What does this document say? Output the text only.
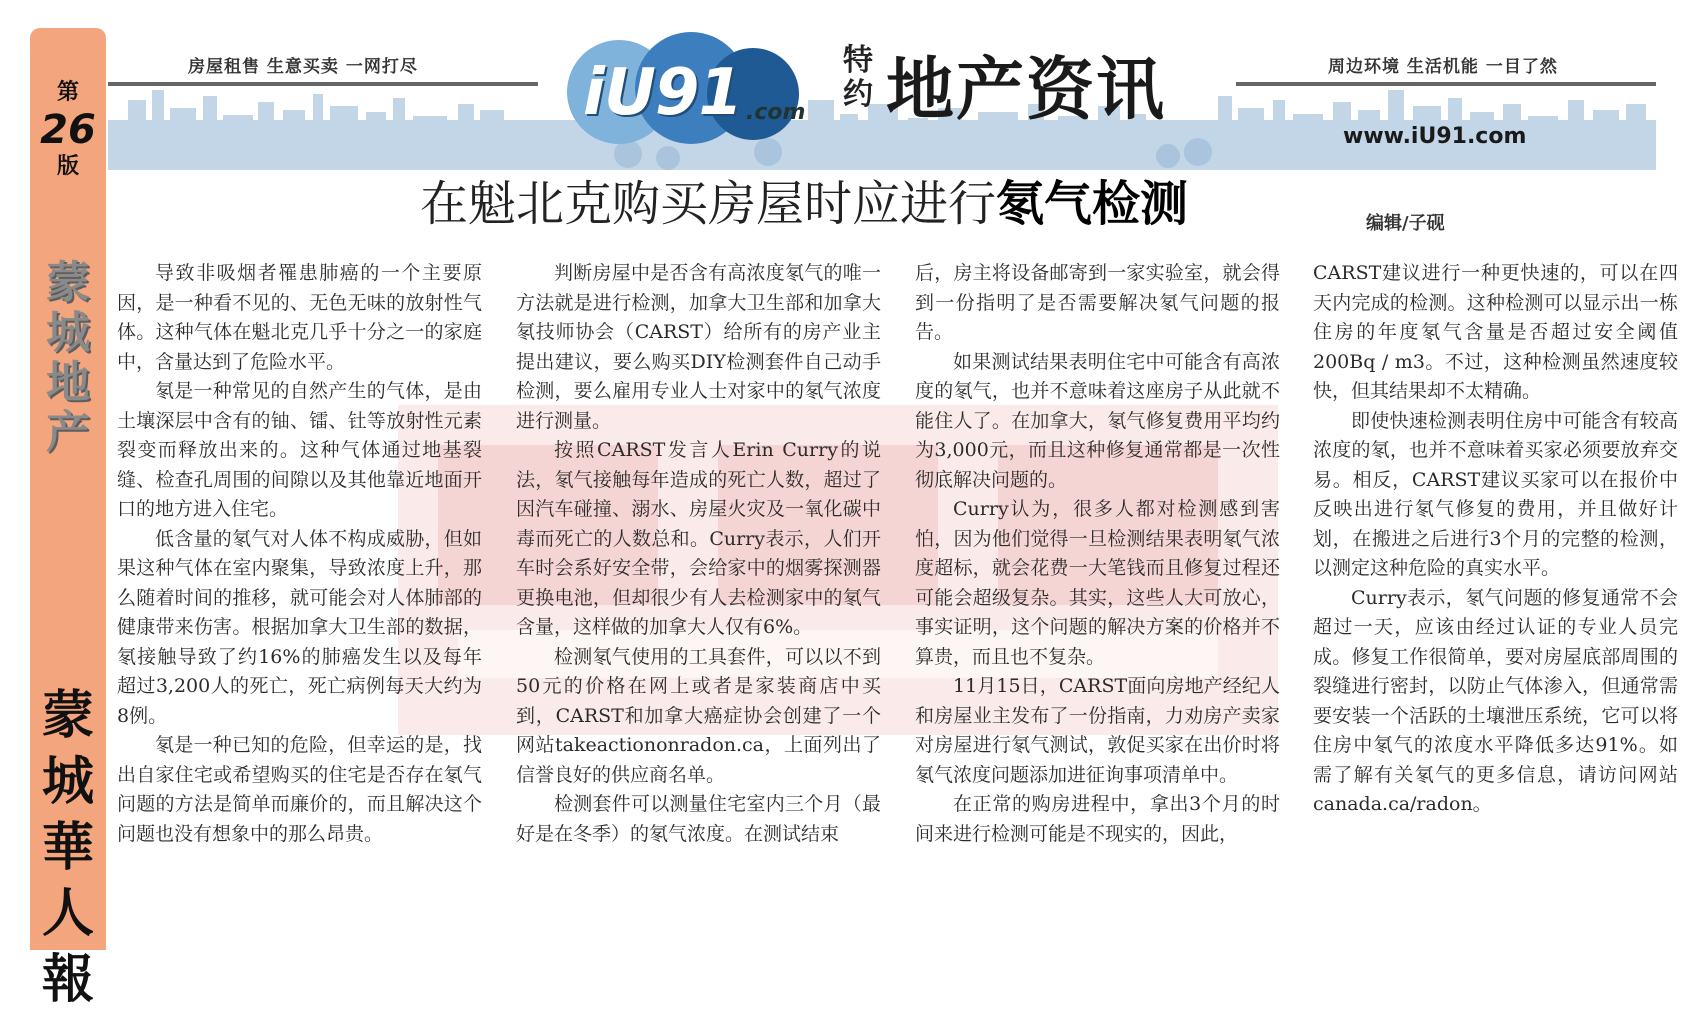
第
26
版
蒙
城
地
产
蒙
城
華
人
報
房屋租售 生意买卖 一网打尽	周边环境 生活机能 一目了然
iU91 .com
特约 地产资讯
www.iU91.com
在魁北克购买房屋时应进行氡气检测	编辑/子砚

导致非吸烟者罹患肺癌的一个主要原因，是一种看不见的、无色无味的放射性气体。这种气体在魁北克几乎十分之一的家庭中，含量达到了危险水平。

氡是一种常见的自然产生的气体，是由土壤深层中含有的铀、镭、钍等放射性元素裂变而释放出来的。这种气体通过地基裂缝、检查孔周围的间隙以及其他靠近地面开口的地方进入住宅。

低含量的氡气对人体不构成威胁，但如果这种气体在室内聚集，导致浓度上升，那么随着时间的推移，就可能会对人体肺部的健康带来伤害。根据加拿大卫生部的数据，氡接触导致了约16%的肺癌发生以及每年超过3,200人的死亡，死亡病例每天大约为8例。

氡是一种已知的危险，但幸运的是，找出自家住宅或希望购买的住宅是否存在氡气问题的方法是简单而廉价的，而且解决这个问题也没有想象中的那么昂贵。

判断房屋中是否含有高浓度氡气的唯一方法就是进行检测，加拿大卫生部和加拿大氡技师协会（CARST）给所有的房产业主提出建议，要么购买DIY检测套件自己动手检测，要么雇用专业人士对家中的氡气浓度进行测量。

按照CARST发言人Erin Curry的说法，氡气接触每年造成的死亡人数，超过了因汽车碰撞、溺水、房屋火灾及一氧化碳中毒而死亡的人数总和。Curry表示，人们开车时会系好安全带，会给家中的烟雾探测器更换电池，但却很少有人去检测家中的氡气含量，这样做的加拿大人仅有6%。

检测氡气使用的工具套件，可以以不到50元的价格在网上或者是家装商店中买到，CARST和加拿大癌症协会创建了一个网站takeactiononradon.ca，上面列出了信誉良好的供应商名单。

检测套件可以测量住宅室内三个月（最好是在冬季）的氡气浓度。在测试结束

后，房主将设备邮寄到一家实验室，就会得到一份指明了是否需要解决氡气问题的报告。

如果测试结果表明住宅中可能含有高浓度的氡气，也并不意味着这座房子从此就不能住人了。在加拿大，氡气修复费用平均约为3,000元，而且这种修复通常都是一次性彻底解决问题的。

Curry认为，很多人都对检测感到害怕，因为他们觉得一旦检测结果表明氡气浓度超标，就会花费一大笔钱而且修复过程还可能会超级复杂。其实，这些人大可放心，事实证明，这个问题的解决方案的价格并不算贵，而且也不复杂。

11月15日，CARST面向房地产经纪人和房屋业主发布了一份指南，力劝房产卖家对房屋进行氡气测试，敦促买家在出价时将氡气浓度问题添加进征询事项清单中。

在正常的购房进程中，拿出3个月的时间来进行检测可能是不现实的，因此，

CARST建议进行一种更快速的，可以在四天内完成的检测。这种检测可以显示出一栋住房的年度氡气含量是否超过安全阈值200Bq / m3。不过，这种检测虽然速度较快，但其结果却不太精确。

即使快速检测表明住房中可能含有较高浓度的氡，也并不意味着买家必须要放弃交易。相反，CARST建议买家可以在报价中反映出进行氡气修复的费用，并且做好计划，在搬进之后进行3个月的完整的检测，以测定这种危险的真实水平。

Curry表示，氡气问题的修复通常不会超过一天，应该由经过认证的专业人员完成。修复工作很简单，要对房屋底部周围的裂缝进行密封，以防止气体渗入，但通常需要安装一个活跃的土壤泄压系统，它可以将住房中氡气的浓度水平降低多达91%。如需了解有关氡气的更多信息，请访问网站canada.ca/radon。
